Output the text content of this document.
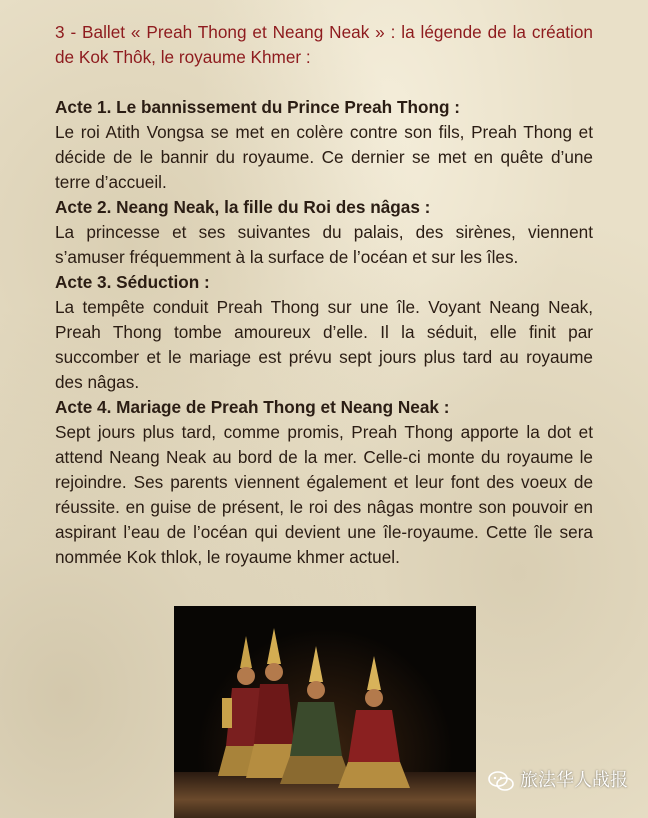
3 - Ballet « Preah Thong et Neang Neak » : la légende de la création de Kok Thôk, le royaume Khmer :

Acte 1. Le bannissement du Prince Preah Thong :

Le roi Atith Vongsa se met en colère contre son fils, Preah Thong et décide de le bannir du royaume. Ce dernier se met en quête d’une terre d’accueil.

Acte 2. Neang Neak, la fille du Roi des nâgas :

La princesse et ses suivantes du palais, des sirènes, viennent s’amuser fréquemment à la surface de l’océan et sur les îles.

Acte 3. Séduction :

La tempête conduit Preah Thong sur une île. Voyant Neang Neak, Preah Thong tombe amoureux d’elle. Il la séduit, elle finit par succomber et le mariage est prévu sept jours plus tard au royaume des nâgas.

Acte 4. Mariage de Preah Thong et Neang Neak :

Sept jours plus tard, comme promis, Preah Thong apporte la dot et attend Neang Neak au bord de la mer. Celle-ci monte du royaume le rejoindre. Ses parents viennent également et leur font des voeux de réussite. en guise de présent, le roi des nâgas montre son pouvoir en aspirant l’eau de l’océan qui devient une île-royaume. Cette île sera nommée Kok thlok, le royaume khmer actuel.

旅法华人战报
